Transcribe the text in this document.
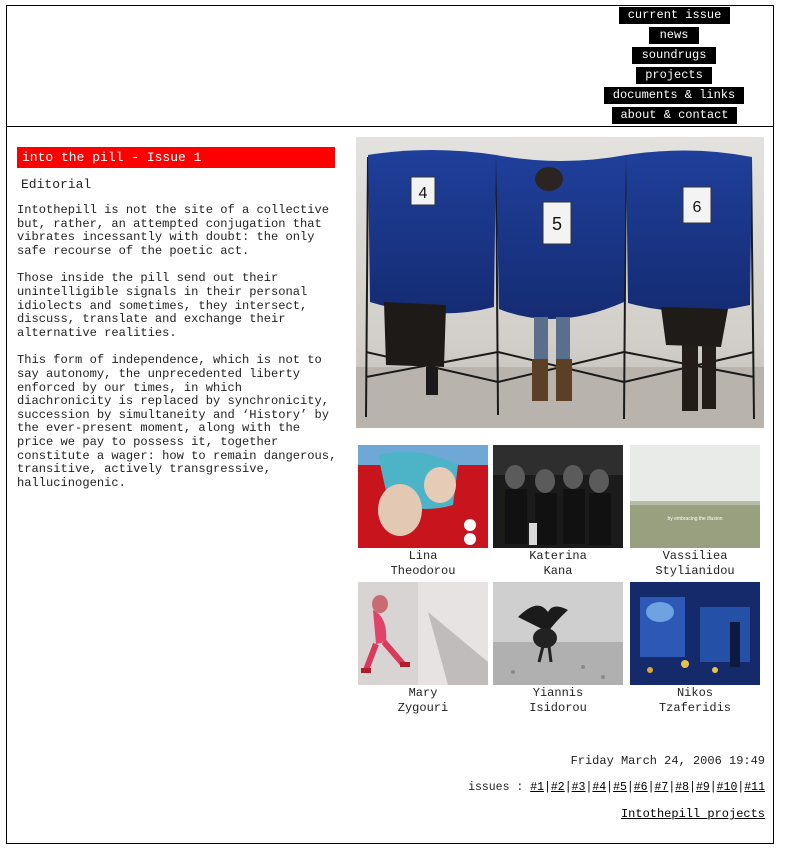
current issue
news
soundrugs
projects
documents & links
about & contact
into the pill - Issue 1
Editorial

Intothepill is not the site of a collective but, rather, an attempted conjugation that vibrates incessantly with doubt: the only safe recourse of the poetic act.

Those inside the pill send out their unintelligible signals in their personal idiolects and sometimes, they intersect, discuss, translate and exchange their alternative realities.

This form of independence, which is not to say autonomy, the unprecedented liberty enforced by our times, in which diachronicity is replaced by synchronicity, succession by simultaneity and ‘History’ by the ever-present moment, along with the price we pay to possess it, together constitute a wager: how to remain dangerous, transitive, actively transgressive, hallucinogenic.

4
5
6
Lina
Theodorou
Katerina
Kana
by embracing the illusion
Vassiliea
Stylianidou
Mary
Zygouri
Yiannis
Isidorou
Nikos
Tzaferidis
Friday March 24, 2006 19:49
issues : #1|#2|#3|#4|#5|#6|#7|#8|#9|#10|#11
Intothepill projects
